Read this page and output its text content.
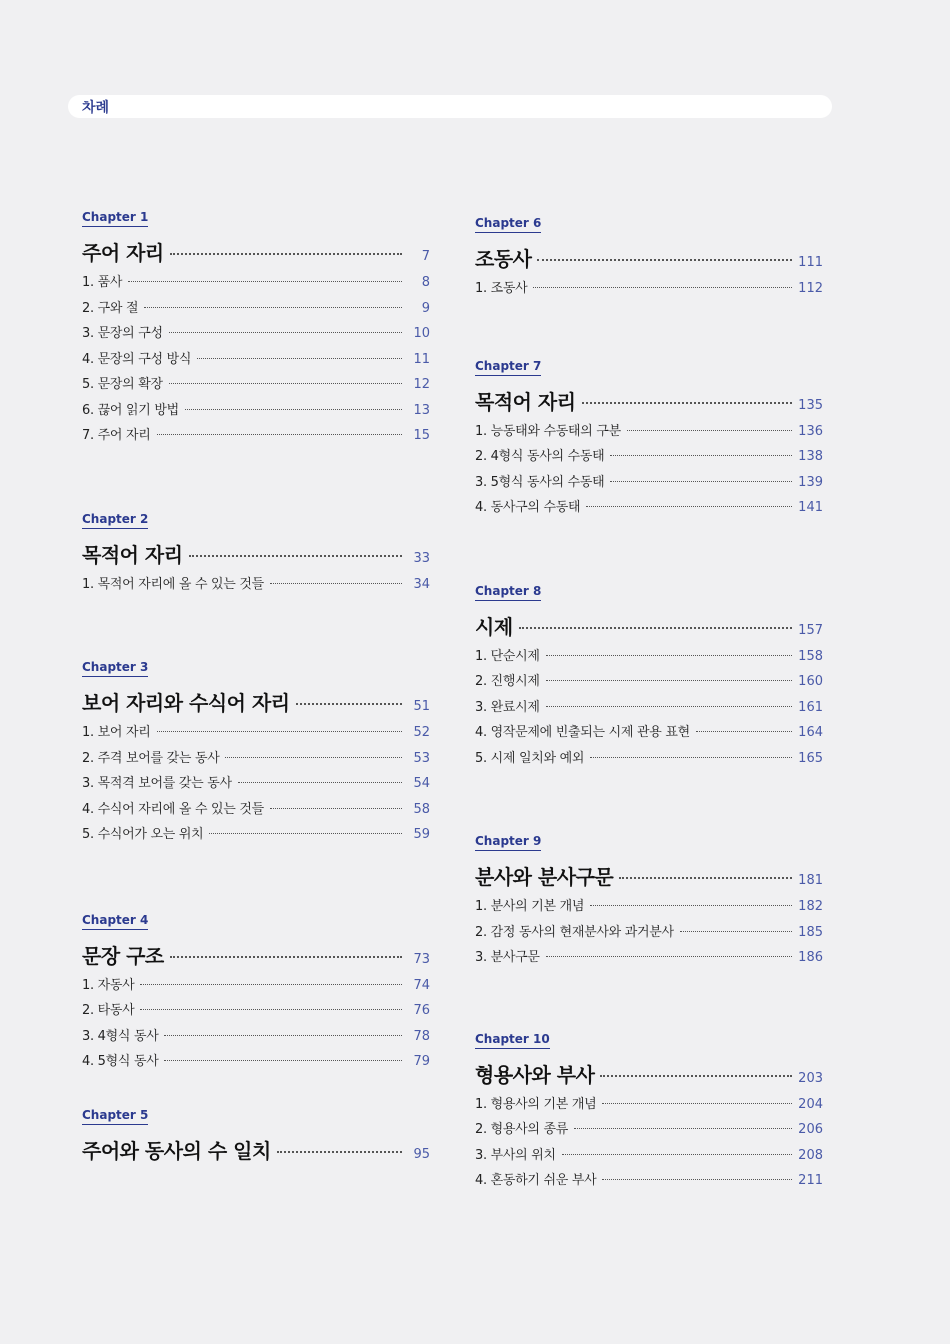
차례
Chapter 1
주어 자리	7
1. 품사	8
2. 구와 절	9
3. 문장의 구성	10
4. 문장의 구성 방식	11
5. 문장의 확장	12
6. 끊어 읽기 방법	13
7. 주어 자리	15
Chapter 2
목적어 자리	33
1. 목적어 자리에 올 수 있는 것들	34
Chapter 3
보어 자리와 수식어 자리	51
1. 보어 자리	52
2. 주격 보어를 갖는 동사	53
3. 목적격 보어를 갖는 동사	54
4. 수식어 자리에 올 수 있는 것들	58
5. 수식어가 오는 위치	59
Chapter 4
문장 구조	73
1. 자동사	74
2. 타동사	76
3. 4형식 동사	78
4. 5형식 동사	79
Chapter 5
주어와 동사의 수 일치	95
Chapter 6
조동사	111
1. 조동사	112
Chapter 7
목적어 자리	135
1. 능동태와 수동태의 구분	136
2. 4형식 동사의 수동태	138
3. 5형식 동사의 수동태	139
4. 동사구의 수동태	141
Chapter 8
시제	157
1. 단순시제	158
2. 진행시제	160
3. 완료시제	161
4. 영작문제에 빈출되는 시제 관용 표현	164
5. 시제 일치와 예외	165
Chapter 9
분사와 분사구문	181
1. 분사의 기본 개념	182
2. 감정 동사의 현재분사와 과거분사	185
3. 분사구문	186
Chapter 10
형용사와 부사	203
1. 형용사의 기본 개념	204
2. 형용사의 종류	206
3. 부사의 위치	208
4. 혼동하기 쉬운 부사	211
